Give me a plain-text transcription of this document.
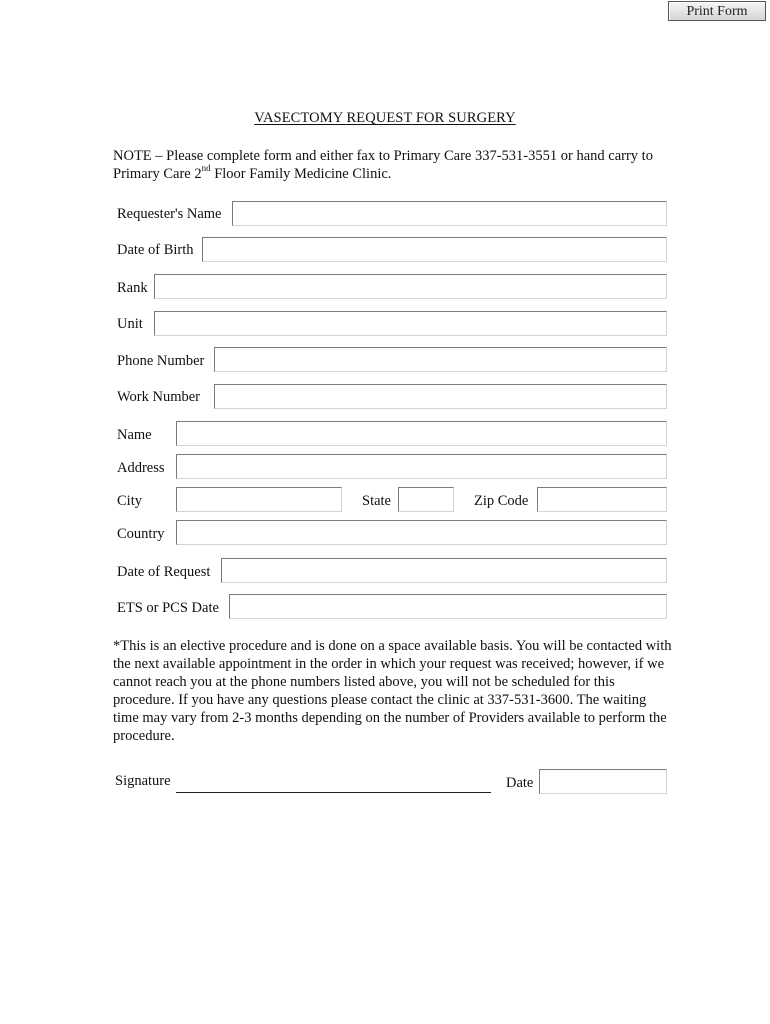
Print Form
VASECTOMY REQUEST FOR SURGERY
NOTE – Please complete form and either fax to Primary Care 337-531-3551 or hand carry to Primary Care 2nd Floor Family Medicine Clinic.
Requester's Name
Date of Birth
Rank
Unit
Phone Number
Work Number
Name
Address
City	State	Zip Code
Country
Date of Request
ETS or PCS Date
*This is an elective procedure and is done on a space available basis. You will be contacted with the next available appointment in the order in which your request was received; however, if we cannot reach you at the phone numbers listed above, you will not be scheduled for this procedure. If you have any questions please contact the clinic at 337-531-3600. The waiting time may vary from 2-3 months depending on the number of Providers available to perform the procedure.
Signature	Date
